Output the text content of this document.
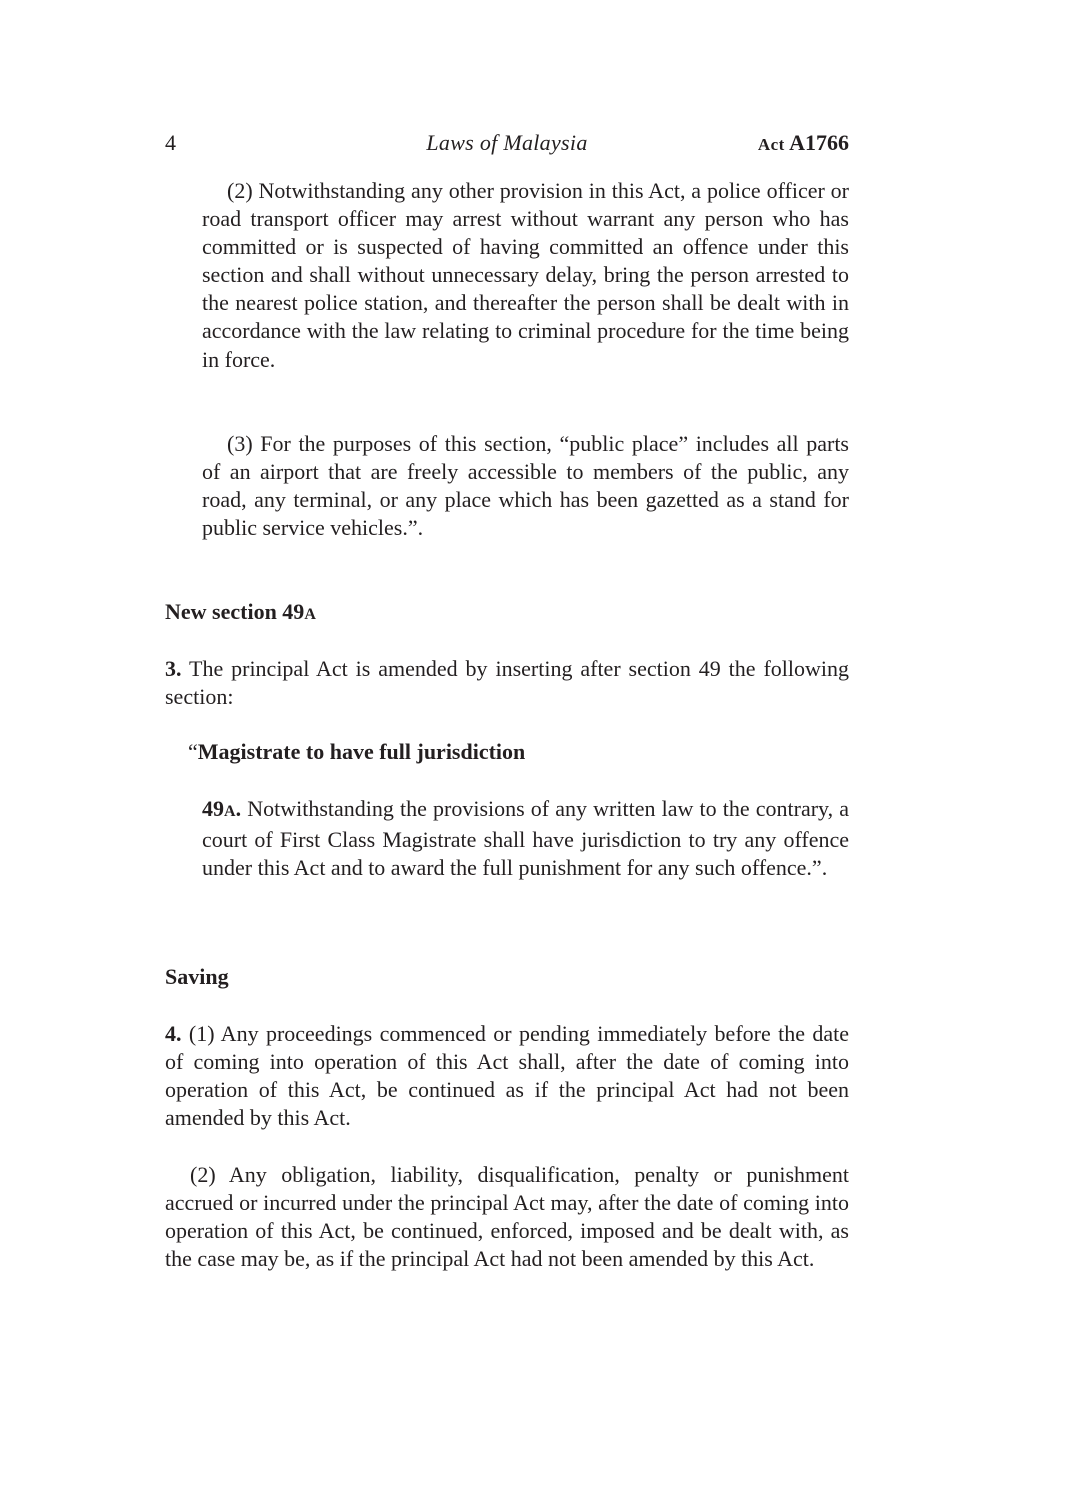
4	Laws of Malaysia	Act A1766

(2) Notwithstanding any other provision in this Act, a police officer or road transport officer may arrest without warrant any person who has committed or is suspected of having committed an offence under this section and shall without unnecessary delay, bring the person arrested to the nearest police station, and thereafter the person shall be dealt with in accordance with the law relating to criminal procedure for the time being in force.

(3) For the purposes of this section, “public place” includes all parts of an airport that are freely accessible to members of the public, any road, any terminal, or any place which has been gazetted as a stand for public service vehicles.”.

New section 49A

3. The principal Act is amended by inserting after section 49 the following section:

“Magistrate to have full jurisdiction

49A. Notwithstanding the provisions of any written law to the contrary, a court of First Class Magistrate shall have jurisdiction to try any offence under this Act and to award the full punishment for any such offence.”.

Saving

4. (1) Any proceedings commenced or pending immediately before the date of coming into operation of this Act shall, after the date of coming into operation of this Act, be continued as if the principal Act had not been amended by this Act.

(2) Any obligation, liability, disqualification, penalty or punishment accrued or incurred under the principal Act may, after the date of coming into operation of this Act, be continued, enforced, imposed and be dealt with, as the case may be, as if the principal Act had not been amended by this Act.
